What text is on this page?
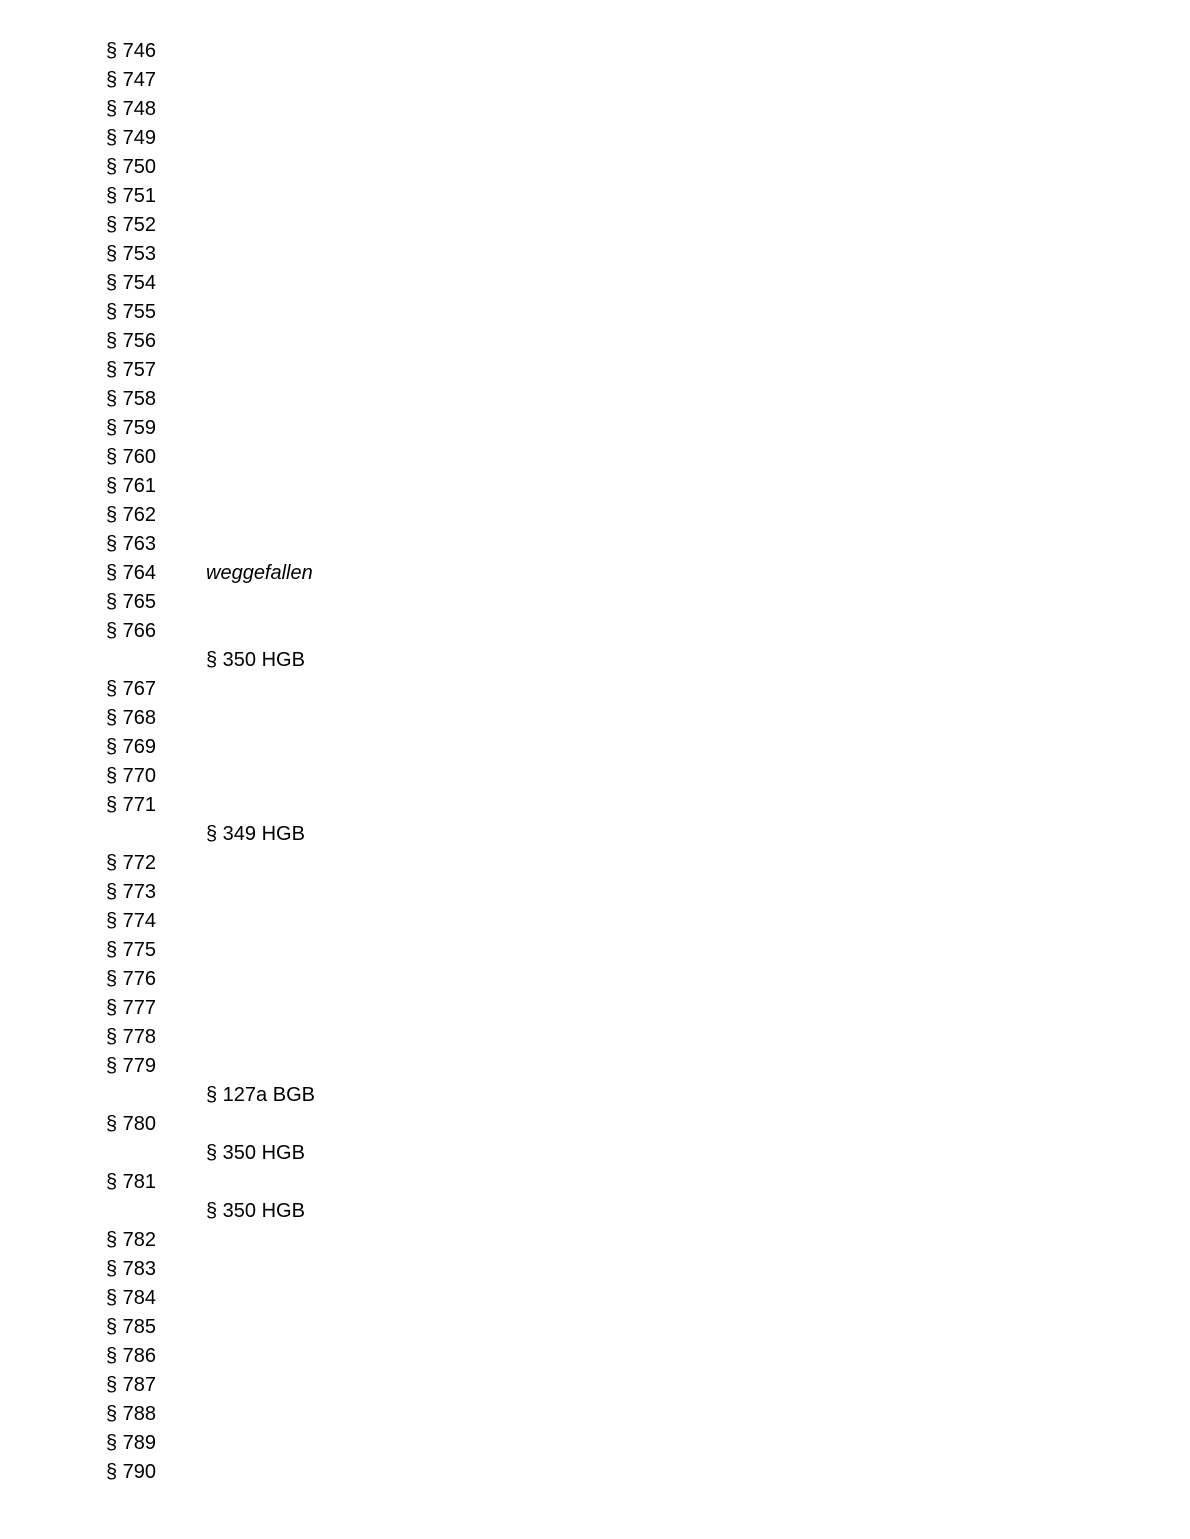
§ 746
§ 747
§ 748
§ 749
§ 750
§ 751
§ 752
§ 753
§ 754
§ 755
§ 756
§ 757
§ 758
§ 759
§ 760
§ 761
§ 762
§ 763
§ 764 weggefallen
§ 765
§ 766
§ 350 HGB
§ 767
§ 768
§ 769
§ 770
§ 771
§ 349 HGB
§ 772
§ 773
§ 774
§ 775
§ 776
§ 777
§ 778
§ 779
§ 127a BGB
§ 780
§ 350 HGB
§ 781
§ 350 HGB
§ 782
§ 783
§ 784
§ 785
§ 786
§ 787
§ 788
§ 789
§ 790
